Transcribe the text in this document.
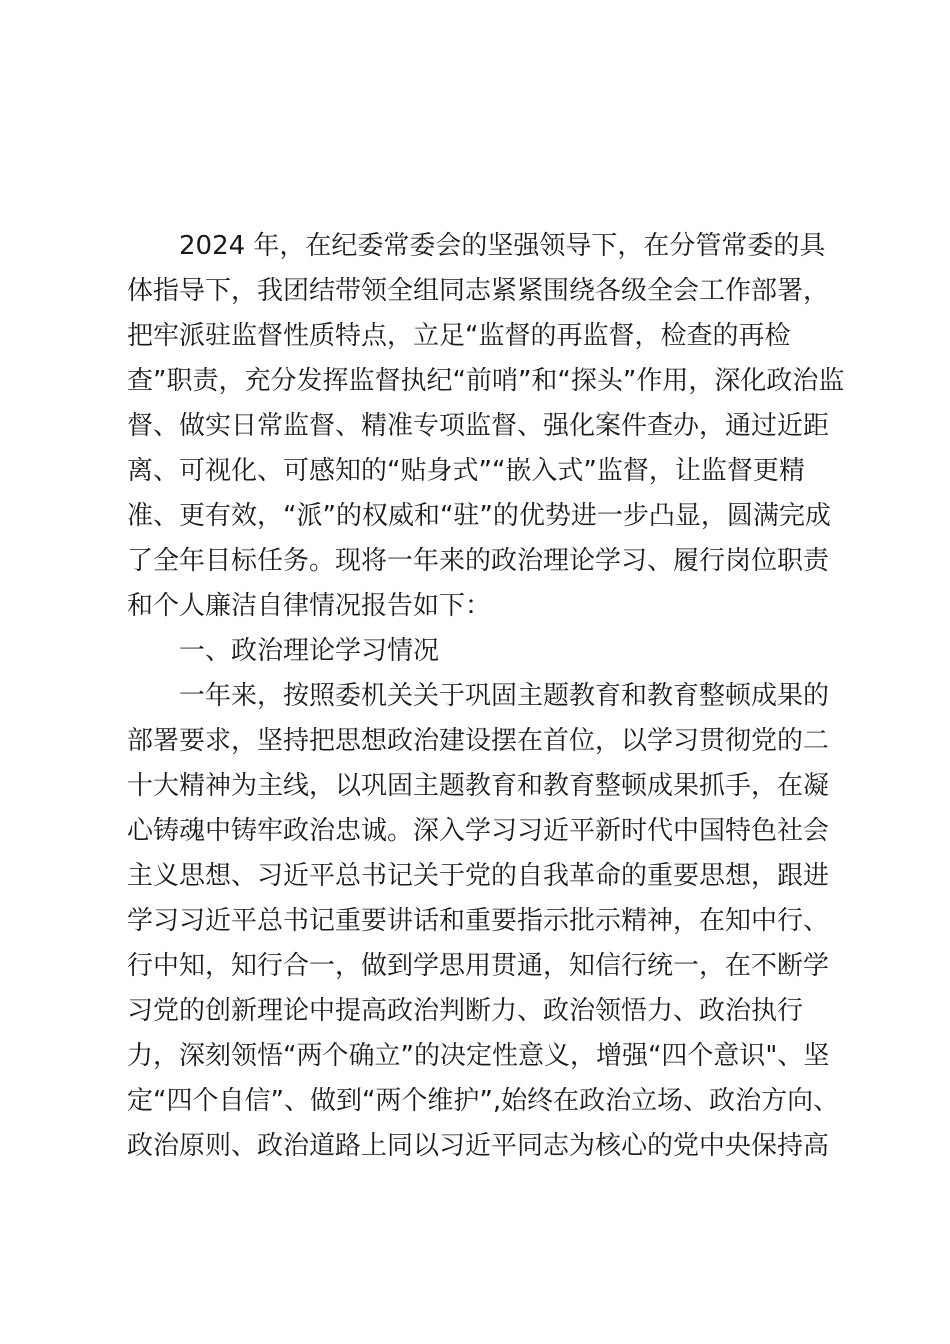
2024 年，在纪委常委会的坚强领导下，在分管常委的具
体指导下，我团结带领全组同志紧紧围绕各级全会工作部署，
把牢派驻监督性质特点，立足“监督的再监督，检查的再检
查”职责，充分发挥监督执纪“前哨”和“探头”作用，深化政治监
督、做实日常监督、精准专项监督、强化案件查办，通过近距
离、可视化、可感知的“贴身式”“嵌入式”监督，让监督更精
准、更有效，“派”的权威和“驻”的优势进一步凸显，圆满完成
了全年目标任务。现将一年来的政治理论学习、履行岗位职责
和个人廉洁自律情况报告如下：
一、政治理论学习情况
一年来，按照委机关关于巩固主题教育和教育整顿成果的
部署要求，坚持把思想政治建设摆在首位，以学习贯彻党的二
十大精神为主线，以巩固主题教育和教育整顿成果抓手，在凝
心铸魂中铸牢政治忠诚。深入学习习近平新时代中国特色社会
主义思想、习近平总书记关于党的自我革命的重要思想，跟进
学习习近平总书记重要讲话和重要指示批示精神，在知中行、
行中知，知行合一，做到学思用贯通，知信行统一，在不断学
习党的创新理论中提高政治判断力、政治领悟力、政治执行
力，深刻领悟“两个确立”的决定性意义，增强“四个意识"、坚
定“四个自信”、做到“两个维护”,始终在政治立场、政治方向、
政治原则、政治道路上同以习近平同志为核心的党中央保持高
